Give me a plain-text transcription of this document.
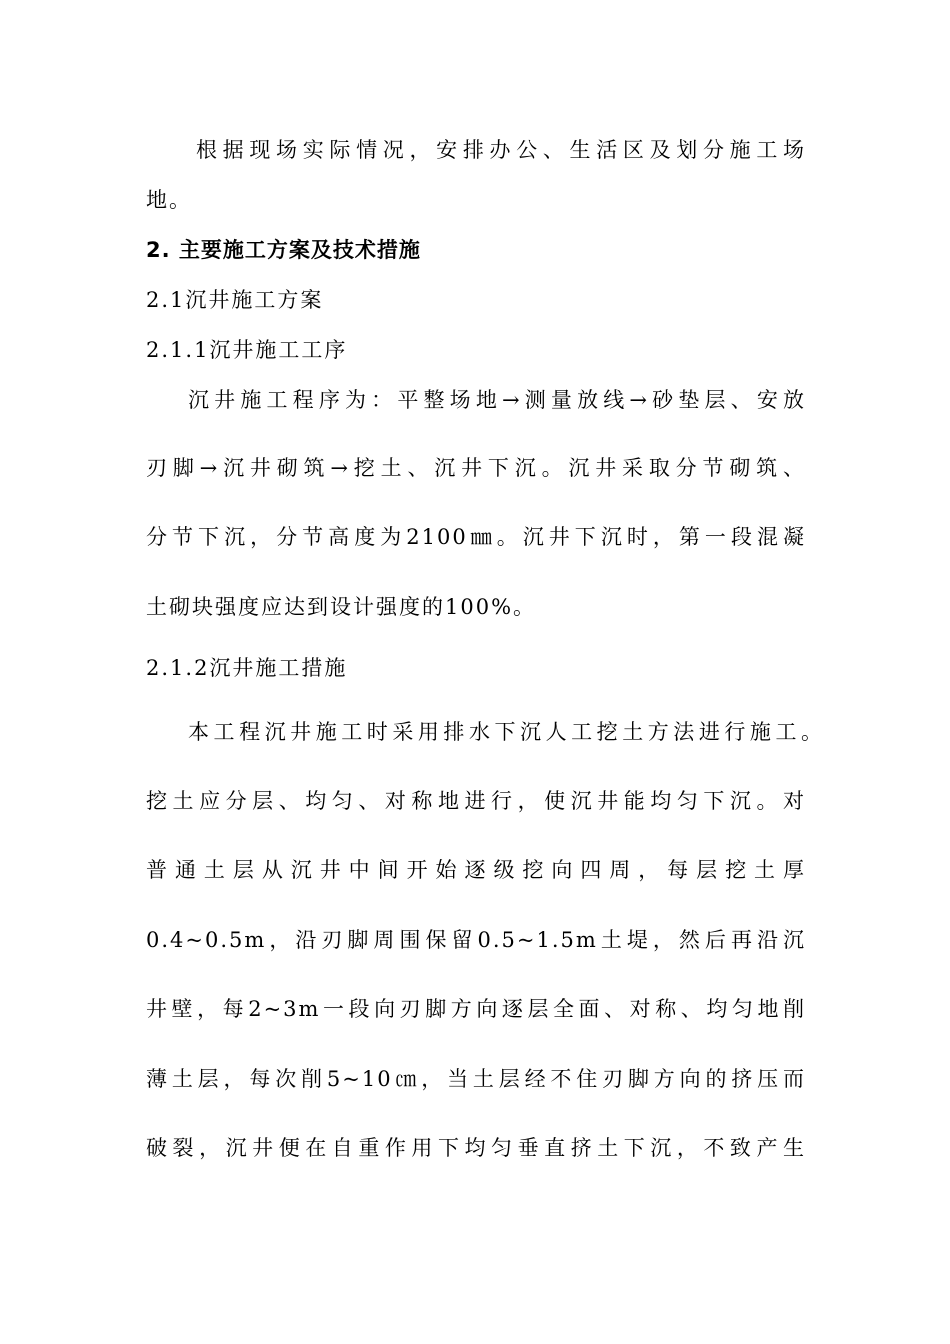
根据现场实际情况，安排办公、生活区及划分施工场
地。
2. 主要施工方案及技术措施
2.1沉井施工方案
2.1.1沉井施工工序
沉井施工程序为：平整场地→测量放线→砂垫层、安放
刃脚→沉井砌筑→挖土、沉井下沉。沉井采取分节砌筑、
分节下沉，分节高度为2100㎜。沉井下沉时，第一段混凝
土砌块强度应达到设计强度的100%。
2.1.2沉井施工措施
本工程沉井施工时采用排水下沉人工挖土方法进行施工。
挖土应分层、均匀、对称地进行，使沉井能均匀下沉。对
普通土层从沉井中间开始逐级挖向四周，每层挖土厚
0.4~0.5m，沿刃脚周围保留0.5~1.5m土堤，然后再沿沉
井壁，每2~3m一段向刃脚方向逐层全面、对称、均匀地削
薄土层，每次削5~10㎝，当土层经不住刃脚方向的挤压而
破裂，沉井便在自重作用下均匀垂直挤土下沉，不致产生
